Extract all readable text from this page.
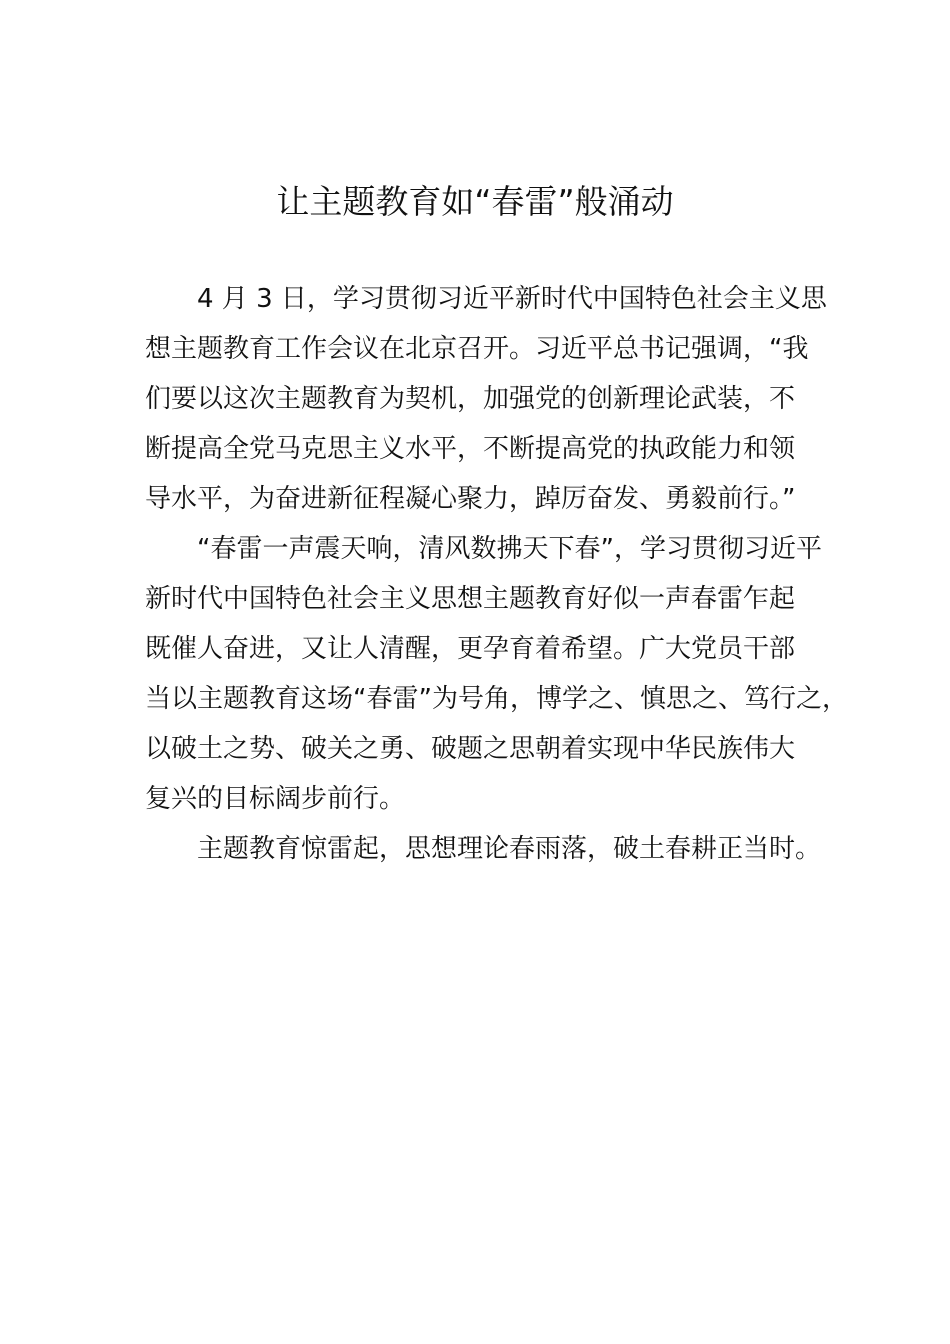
让主题教育如“春雷”般涌动
4 月 3 日，学习贯彻习近平新时代中国特色社会主义思
想主题教育工作会议在北京召开。习近平总书记强调，“我
们要以这次主题教育为契机，加强党的创新理论武装，不
断提高全党马克思主义水平，不断提高党的执政能力和领
导水平，为奋进新征程凝心聚力，踔厉奋发、勇毅前行。”
“春雷一声震天响，清风数拂天下春”，学习贯彻习近平
新时代中国特色社会主义思想主题教育好似一声春雷乍起
既催人奋进，又让人清醒，更孕育着希望。广大党员干部
当以主题教育这场“春雷”为号角，博学之、慎思之、笃行之，
以破土之势、破关之勇、破题之思朝着实现中华民族伟大
复兴的目标阔步前行。
主题教育惊雷起，思想理论春雨落，破土春耕正当时。
